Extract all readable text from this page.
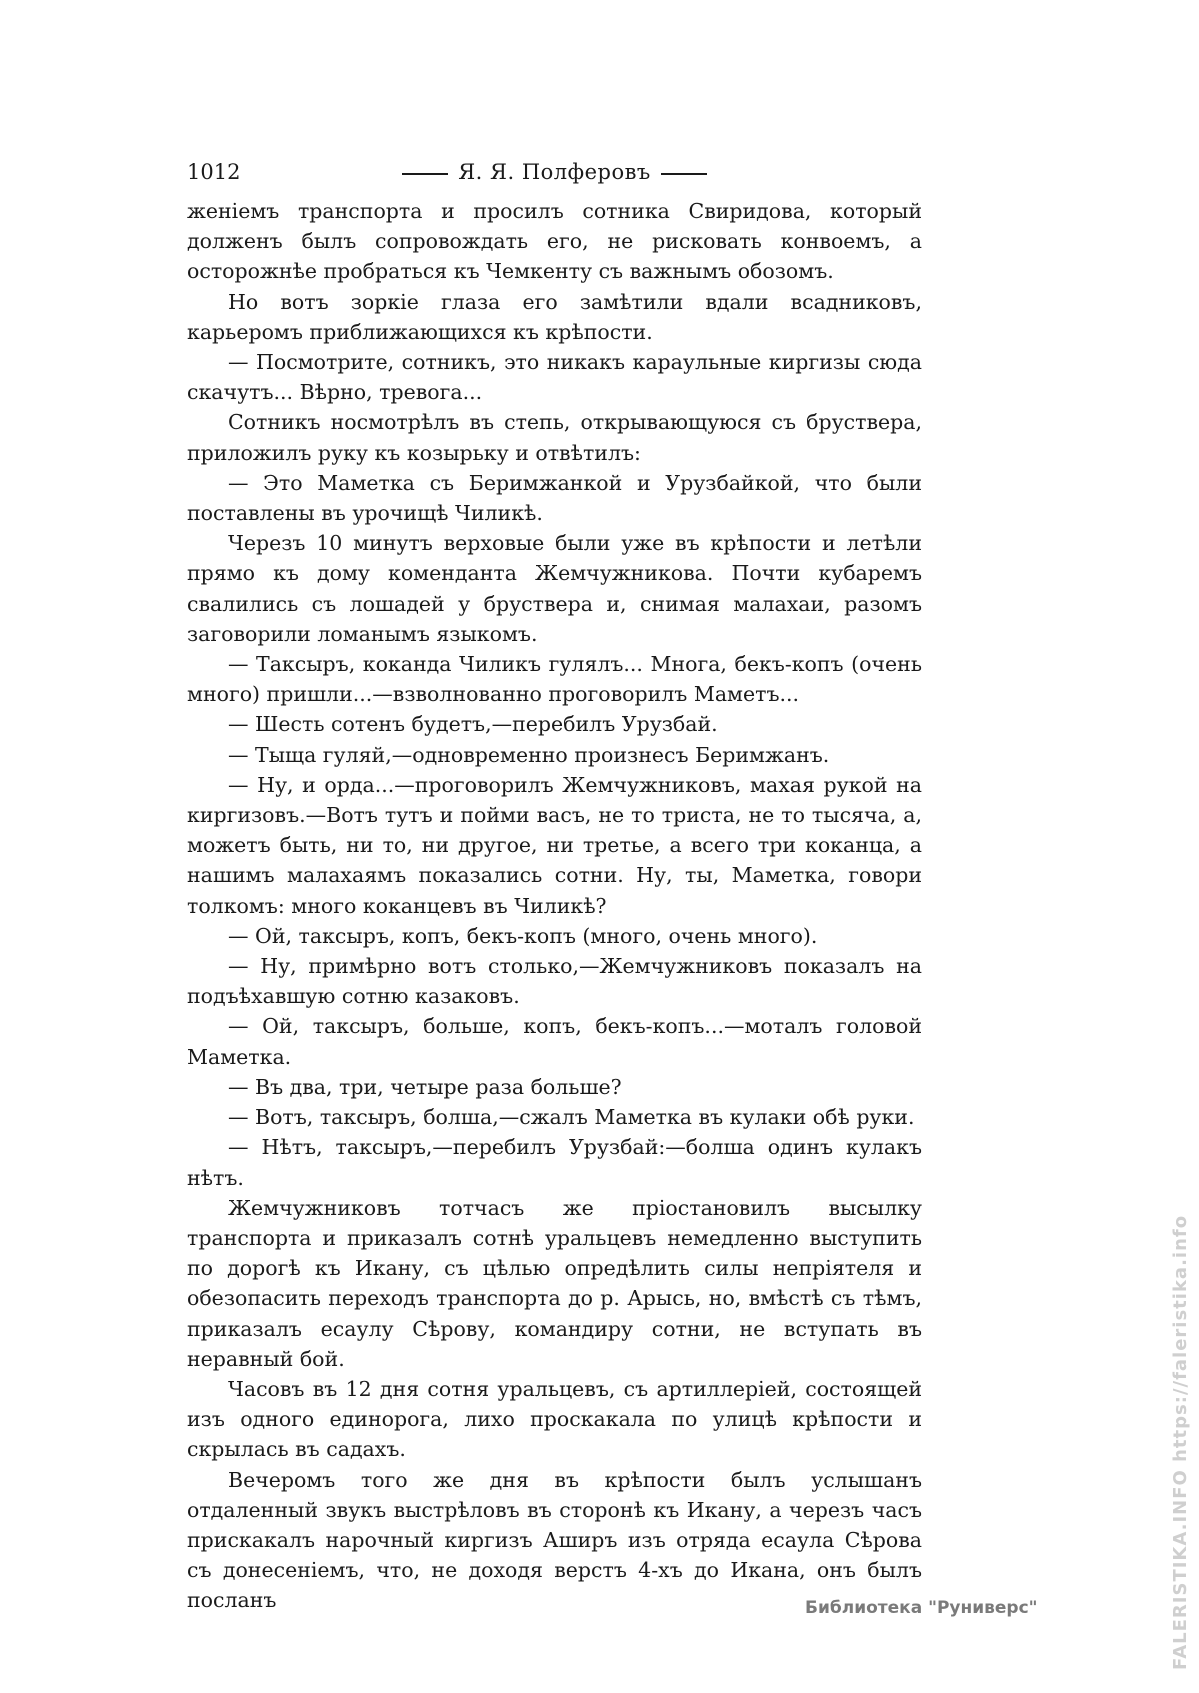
1012	Я. Я. Полферовъ

женіемъ транспорта и просилъ сотника Свиридова, который долженъ былъ сопровождать его, не рисковать конвоемъ, а осторожнѣе пробраться къ Чемкенту съ важнымъ обозомъ.

Но вотъ зоркіе глаза его замѣтили вдали всадниковъ, карьеромъ приближающихся къ крѣпости.

— Посмотрите, сотникъ, это никакъ караульные киргизы сюда скачутъ... Вѣрно, тревога...

Сотникъ носмотрѣлъ въ степь, открывающуюся съ бруствера, приложилъ руку къ козырьку и отвѣтилъ:

— Это Маметка съ Беримжанкой и Урузбайкой, что были поставлены въ урочищѣ Чиликѣ.

Черезъ 10 минутъ верховые были уже въ крѣпости и летѣли прямо къ дому коменданта Жемчужникова. Почти кубаремъ свалились съ лошадей у бруствера и, снимая малахаи, разомъ заговорили ломанымъ языкомъ.

— Таксыръ, коканда Чиликъ гулялъ... Многа, бекъ-копъ (очень много) пришли...—взволнованно проговорилъ Маметъ...

— Шесть сотенъ будетъ,—перебилъ Урузбай.

— Тыща гуляй,—одновременно произнесъ Беримжанъ.

— Ну, и орда...—проговорилъ Жемчужниковъ, махая рукой на киргизовъ.—Вотъ тутъ и пойми васъ, не то триста, не то тысяча, а, можетъ быть, ни то, ни другое, ни третье, а всего три коканца, а нашимъ малахаямъ показались сотни. Ну, ты, Маметка, говори толкомъ: много коканцевъ въ Чиликѣ?

— Ой, таксыръ, копъ, бекъ-копъ (много, очень много).

— Ну, примѣрно вотъ столько,—Жемчужниковъ показалъ на подъѣхавшую сотню казаковъ.

— Ой, таксыръ, больше, копъ, бекъ-копъ...—моталъ головой Маметка.

— Въ два, три, четыре раза больше?

— Вотъ, таксыръ, болша,—сжалъ Маметка въ кулаки обѣ руки.

— Нѣтъ, таксыръ,—перебилъ Урузбай:—болша одинъ кулакъ нѣтъ.

Жемчужниковъ тотчасъ же пріостановилъ высылку транспорта и приказалъ сотнѣ уральцевъ немедленно выступить по дорогѣ къ Икану, съ цѣлью опредѣлить силы непріятеля и обезопасить переходъ транспорта до р. Арысь, но, вмѣстѣ съ тѣмъ, приказалъ есаулу Сѣрову, командиру сотни, не вступать въ неравный бой.

Часовъ въ 12 дня сотня уральцевъ, съ артиллеріей, состоящей изъ одного единорога, лихо проскакала по улицѣ крѣпости и скрылась въ садахъ.

Вечеромъ того же дня въ крѣпости былъ услышанъ отдаленный звукъ выстрѣловъ въ сторонѣ къ Икану, а черезъ часъ прискакалъ нарочный киргизъ Аширъ изъ отряда есаула Сѣрова съ донесеніемъ, что, не доходя верстъ 4-хъ до Икана, онъ былъ посланъ	Библиотека "Руниверс"	FALERISTIKA.INFO https://faleristika.info
